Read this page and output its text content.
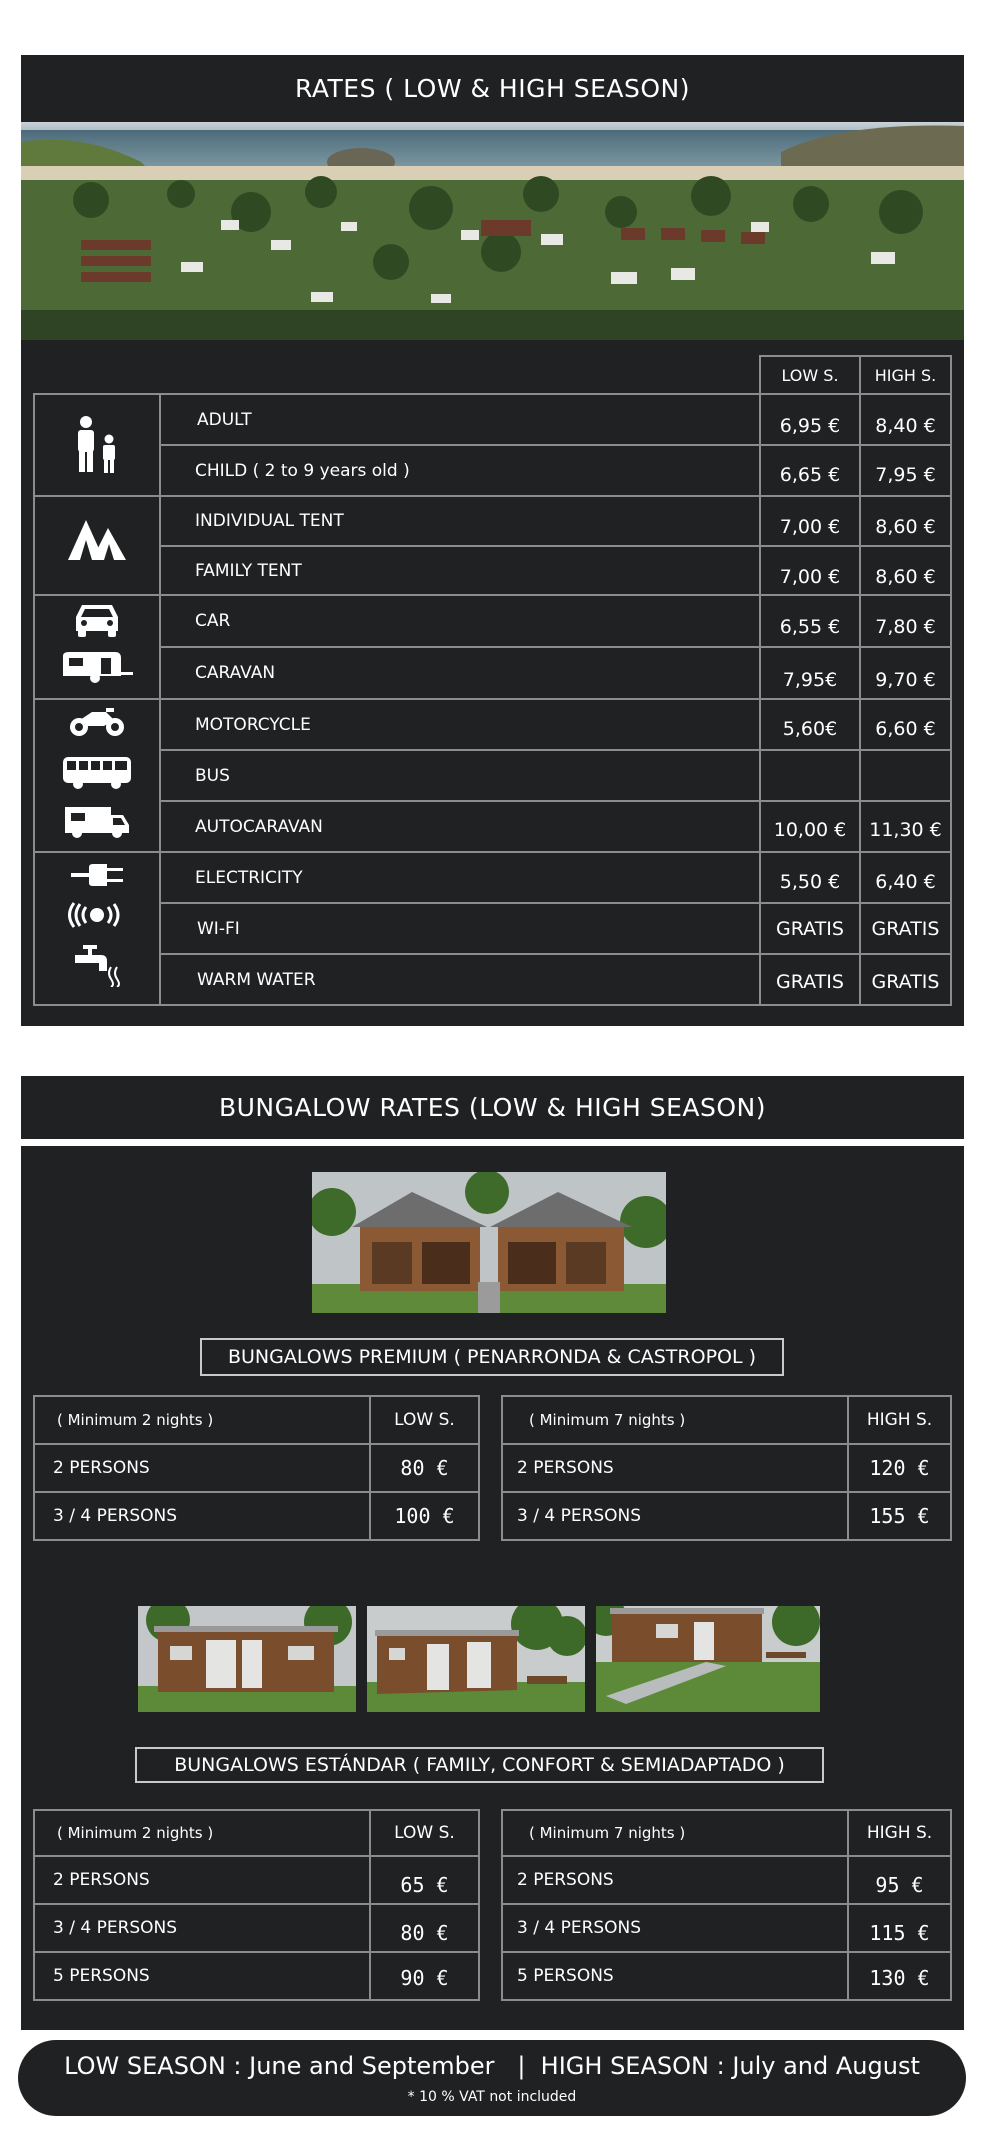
RATES ( LOW & HIGH SEASON)
LOW S.	HIGH S.
ADULT	6,95 €	8,40 €
CHILD ( 2 to 9 years old )	6,65 €	7,95 €
INDIVIDUAL TENT	7,00 €	8,60 €
FAMILY TENT	7,00 €	8,60 €
CAR	6,55 €	7,80 €
CARAVAN	7,95€	9,70 €
MOTORCYCLE	5,60€	6,60 €
BUS
AUTOCARAVAN	10,00 €	11,30 €
ELECTRICITY	5,50 €	6,40 €
WI-FI	GRATIS	GRATIS
WARM WATER	GRATIS	GRATIS
BUNGALOW RATES (LOW & HIGH SEASON)
BUNGALOWS PREMIUM ( PENARRONDA & CASTROPOL )
( Minimum 2 nights )	LOW S.
2 PERSONS	80 €
3 / 4 PERSONS	100 €
( Minimum 7 nights )	HIGH S.
2 PERSONS	120 €
3 / 4 PERSONS	155 €
BUNGALOWS ESTÁNDAR ( FAMILY, CONFORT & SEMIADAPTADO )
( Minimum 2 nights )	LOW S.
2 PERSONS	65 €
3 / 4 PERSONS	80 €
5 PERSONS	90 €
( Minimum 7 nights )	HIGH S.
2 PERSONS	95 €
3 / 4 PERSONS	115 €
5 PERSONS	130 €
LOW SEASON : June and September   |  HIGH SEASON : July and August
* 10 % VAT not included
